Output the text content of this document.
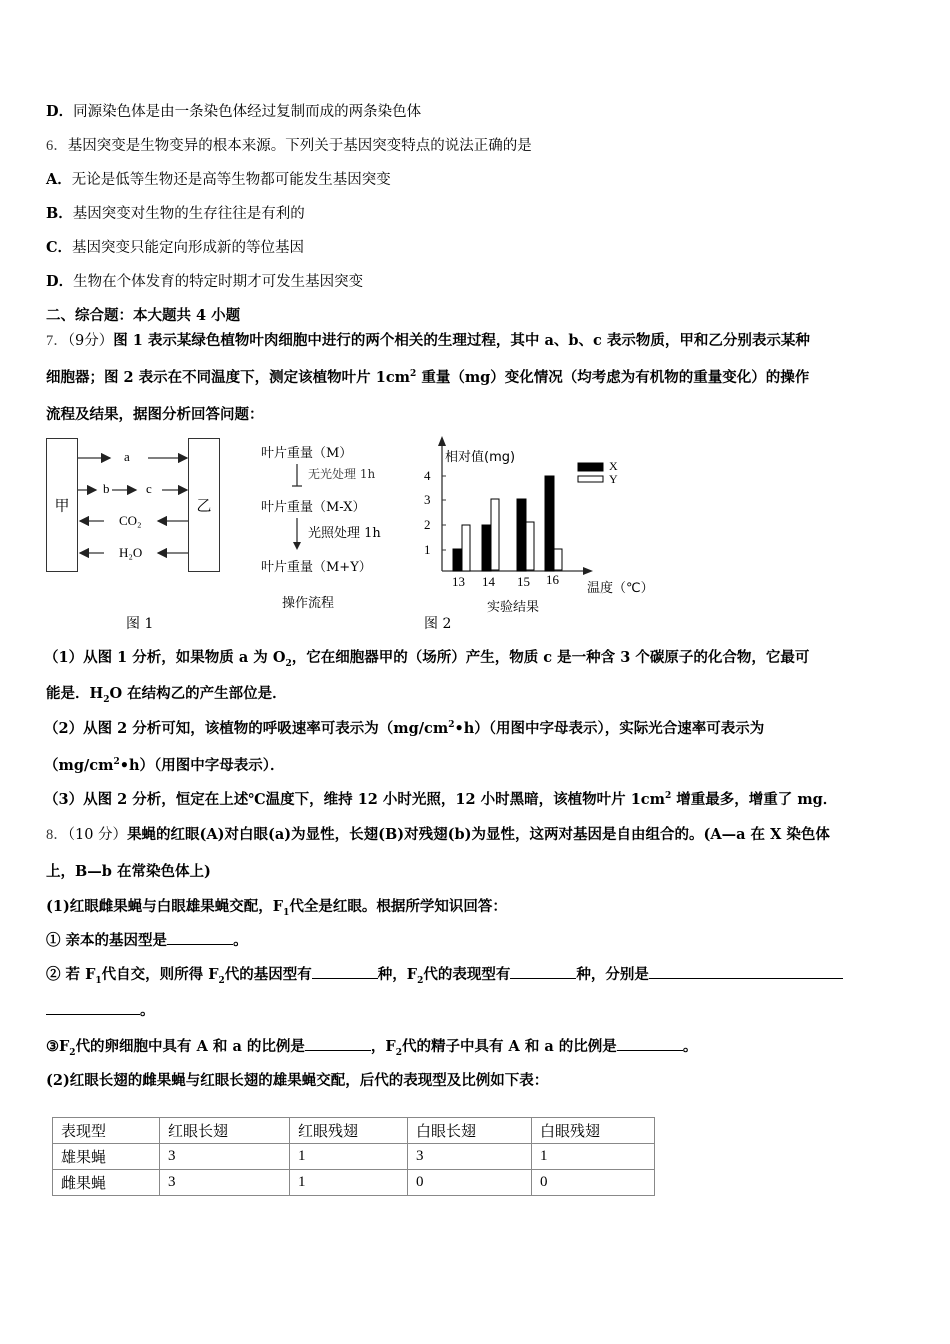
D．同源染色体是由一条染色体经过复制而成的两条染色体
6．基因突变是生物变异的根本来源。下列关于基因突变特点的说法正确的是
A．无论是低等生物还是高等生物都可能发生基因突变
B．基因突变对生物的生存往往是有利的
C．基因突变只能定向形成新的等位基因
D．生物在个体发育的特定时期才可发生基因突变
二、综合题：本大题共 4 小题
7．（9分）图 1 表示某绿色植物叶肉细胞中进行的两个相关的生理过程，其中 a、b、c 表示物质，甲和乙分别表示某种
细胞器；图 2 表示在不同温度下，测定该植物叶片 $1cm^2$ 重量（mg）变化情况（均考虑为有机物的重量变化）的操作
流程及结果，据图分析回答问题：
甲	乙
a
b	c
CO₂
H₂O
图 1
叶片重量（M）
无光处理 1h
叶片重量（M-X）
光照处理 1h
叶片重量（M+Y）
操作流程
相对值(mg)
4
3
2
1
13 14 15 16
温度（℃）
X
Y
实验结果
图 2
（1）从图 1 分析，如果物质 a 为 $O_2$，它在细胞器甲的（场所）产生，物质 c 是一种含 3 个碳原子的化合物，它最可
能是．$H_2O$ 在结构乙的产生部位是．
（2）从图 2 分析可知，该植物的呼吸速率可表示为$(mg/cm^2•h)$（用图中字母表示），实际光合速率可表示为
$(mg/cm^2•h)$（用图中字母表示）．
（3）从图 2 分析，恒定在上述℃温度下，维持 12 小时光照，12 小时黑暗，该植物叶片 $1cm^2$ 增重最多，增重了 mg．
8．（10 分）果蝇的红眼(A)对白眼(a)为显性，长翅(B)对残翅(b)为显性，这两对基因是自由组合的。(A—a 在 X 染色体
上，B—b 在常染色体上)
(1)红眼雌果蝇与白眼雄果蝇交配，$F_1$代全是红眼。根据所学知识回答：
① 亲本的基因型是	。
② 若 $F_1$代自交，则所得 $F_2$代的基因型有	种，$F_2$代的表现型有	种，分别是
。
$③F_2$代的卵细胞中具有 A 和 a 的比例是	，$F_2$代的精子中具有 A 和 a 的比例是	。
(2)红眼长翅的雌果蝇与红眼长翅的雄果蝇交配，后代的表现型及比例如下表：
表现型	红眼长翅	红眼残翅	白眼长翅	白眼残翅
雄果蝇	3	1	3	1
雌果蝇	3	1	0	0
